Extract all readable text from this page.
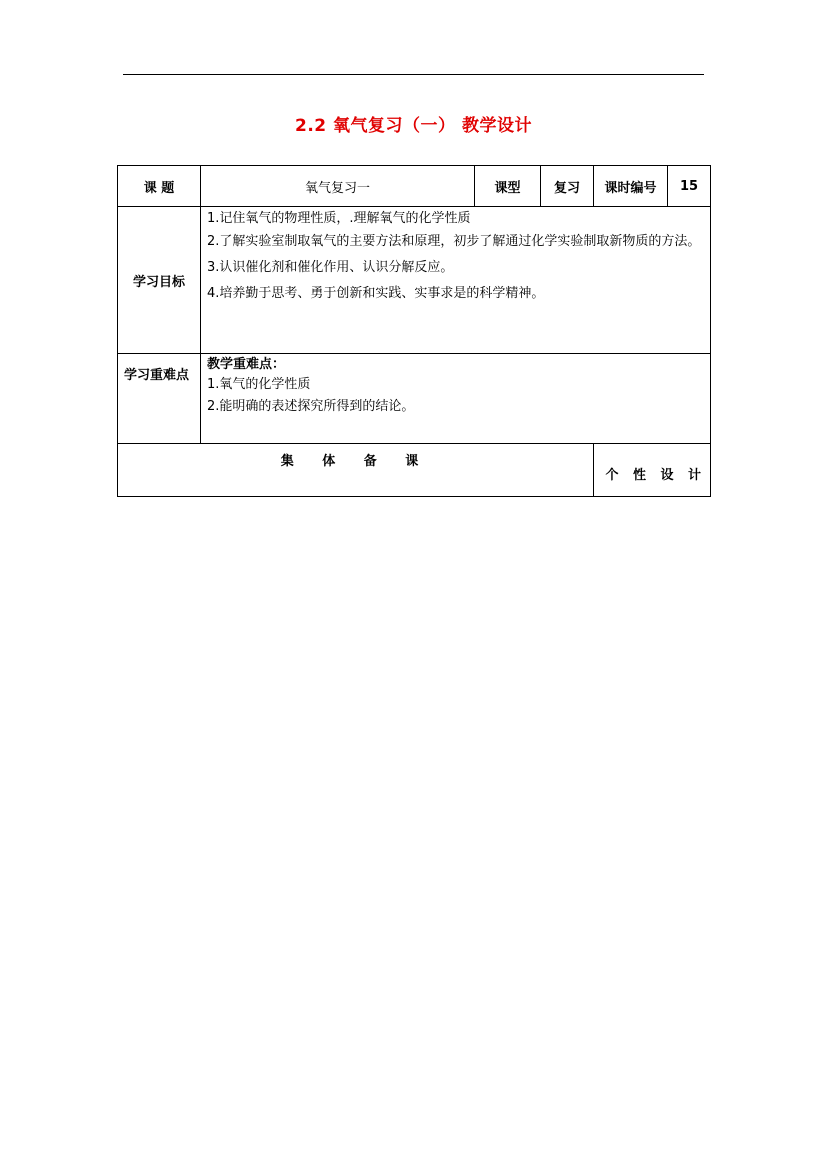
2.2 氧气复习（一） 教学设计
课 题	氧气复习一	课型	复习	课时编号	15
学习目标	1.记住氧气的物理性质，.理解氧气的化学性质
2.了解实验室制取氧气的主要方法和原理，初步了解通过化学实验制取新物质的方法。
3.认识催化剂和催化作用、认识分解反应。
4.培养勤于思考、勇于创新和实践、实事求是的科学精神。				

学习重难点	教学重难点：
1.氧气的化学性质
2.能明确的表述探究所得到的结论。				

集 体 备 课				个 性 设 计	
